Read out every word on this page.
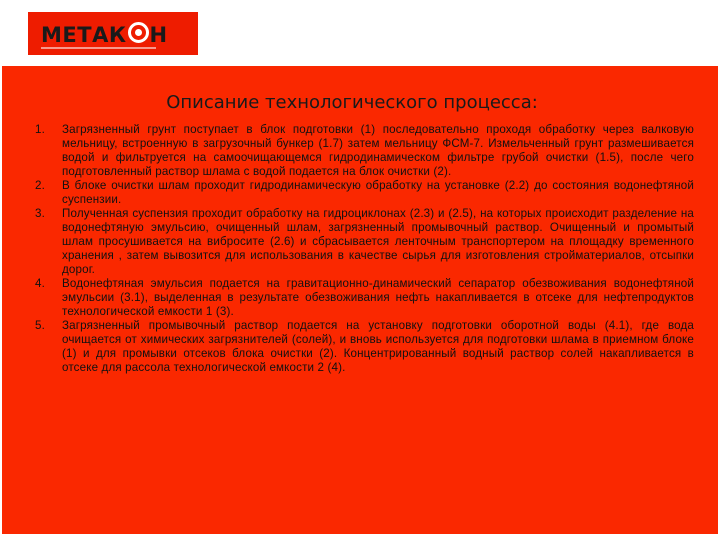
МЕТАК Н
Описание технологического процесса:
1. Загрязненный грунт поступает в блок подготовки (1) последовательно проходя обработку через валковую мельницу, встроенную в загрузочный бункер (1.7) затем мельницу ФСМ-7. Измельченный грунт размешивается водой и фильтруется на самоочищающемся гидродинамическом фильтре грубой очистки (1.5), после чего подготовленный раствор шлама с водой подается на блок очистки (2).
2. В блоке очистки шлам проходит гидродинамическую обработку на установке (2.2) до состояния водонефтяной суспензии.
3. Полученная суспензия проходит обработку на гидроциклонах (2.3) и (2.5), на которых происходит разделение на водонефтяную эмульсию, очищенный шлам, загрязненный промывочный раствор. Очищенный и промытый шлам просушивается на вибросите (2.6) и сбрасывается ленточным транспортером на площадку временного хранения , затем вывозится для использования в качестве сырья для изготовления стройматериалов, отсыпки дорог.
4. Водонефтяная эмульсия подается на гравитационно-динамический сепаратор обезвоживания водонефтяной эмульсии (3.1), выделенная в результате обезвоживания нефть накапливается в отсеке для нефтепродуктов технологической емкости 1 (3).
5. Загрязненный промывочный раствор подается на установку подготовки оборотной воды (4.1), где вода очищается от химических загрязнителей (солей), и вновь используется для подготовки шлама в приемном блоке (1) и для промывки отсеков блока очистки (2). Концентрированный водный раствор солей накапливается в отсеке для рассола технологической емкости 2 (4).
